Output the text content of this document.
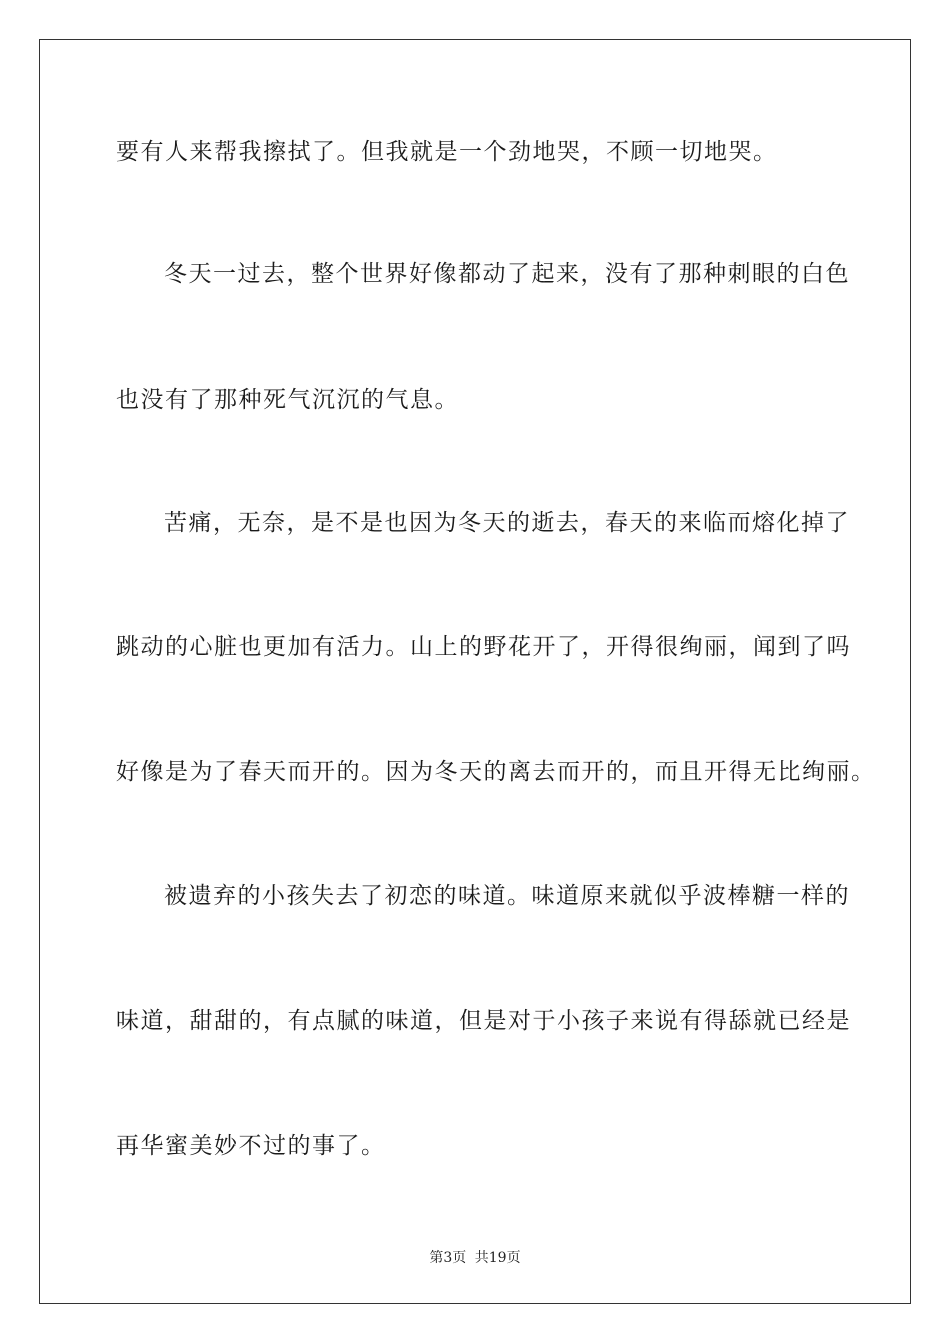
要有人来帮我擦拭了。但我就是一个劲地哭，不顾一切地哭。
冬天一过去，整个世界好像都动了起来，没有了那种刺眼的白色
也没有了那种死气沉沉的气息。
苦痛，无奈，是不是也因为冬天的逝去，春天的来临而熔化掉了
跳动的心脏也更加有活力。山上的野花开了，开得很绚丽，闻到了吗
好像是为了春天而开的。因为冬天的离去而开的，而且开得无比绚丽。
被遗弃的小孩失去了初恋的味道。味道原来就似乎波棒糖一样的
味道，甜甜的，有点腻的味道，但是对于小孩子来说有得舔就已经是
再华蜜美妙不过的事了。
第3页 共19页
